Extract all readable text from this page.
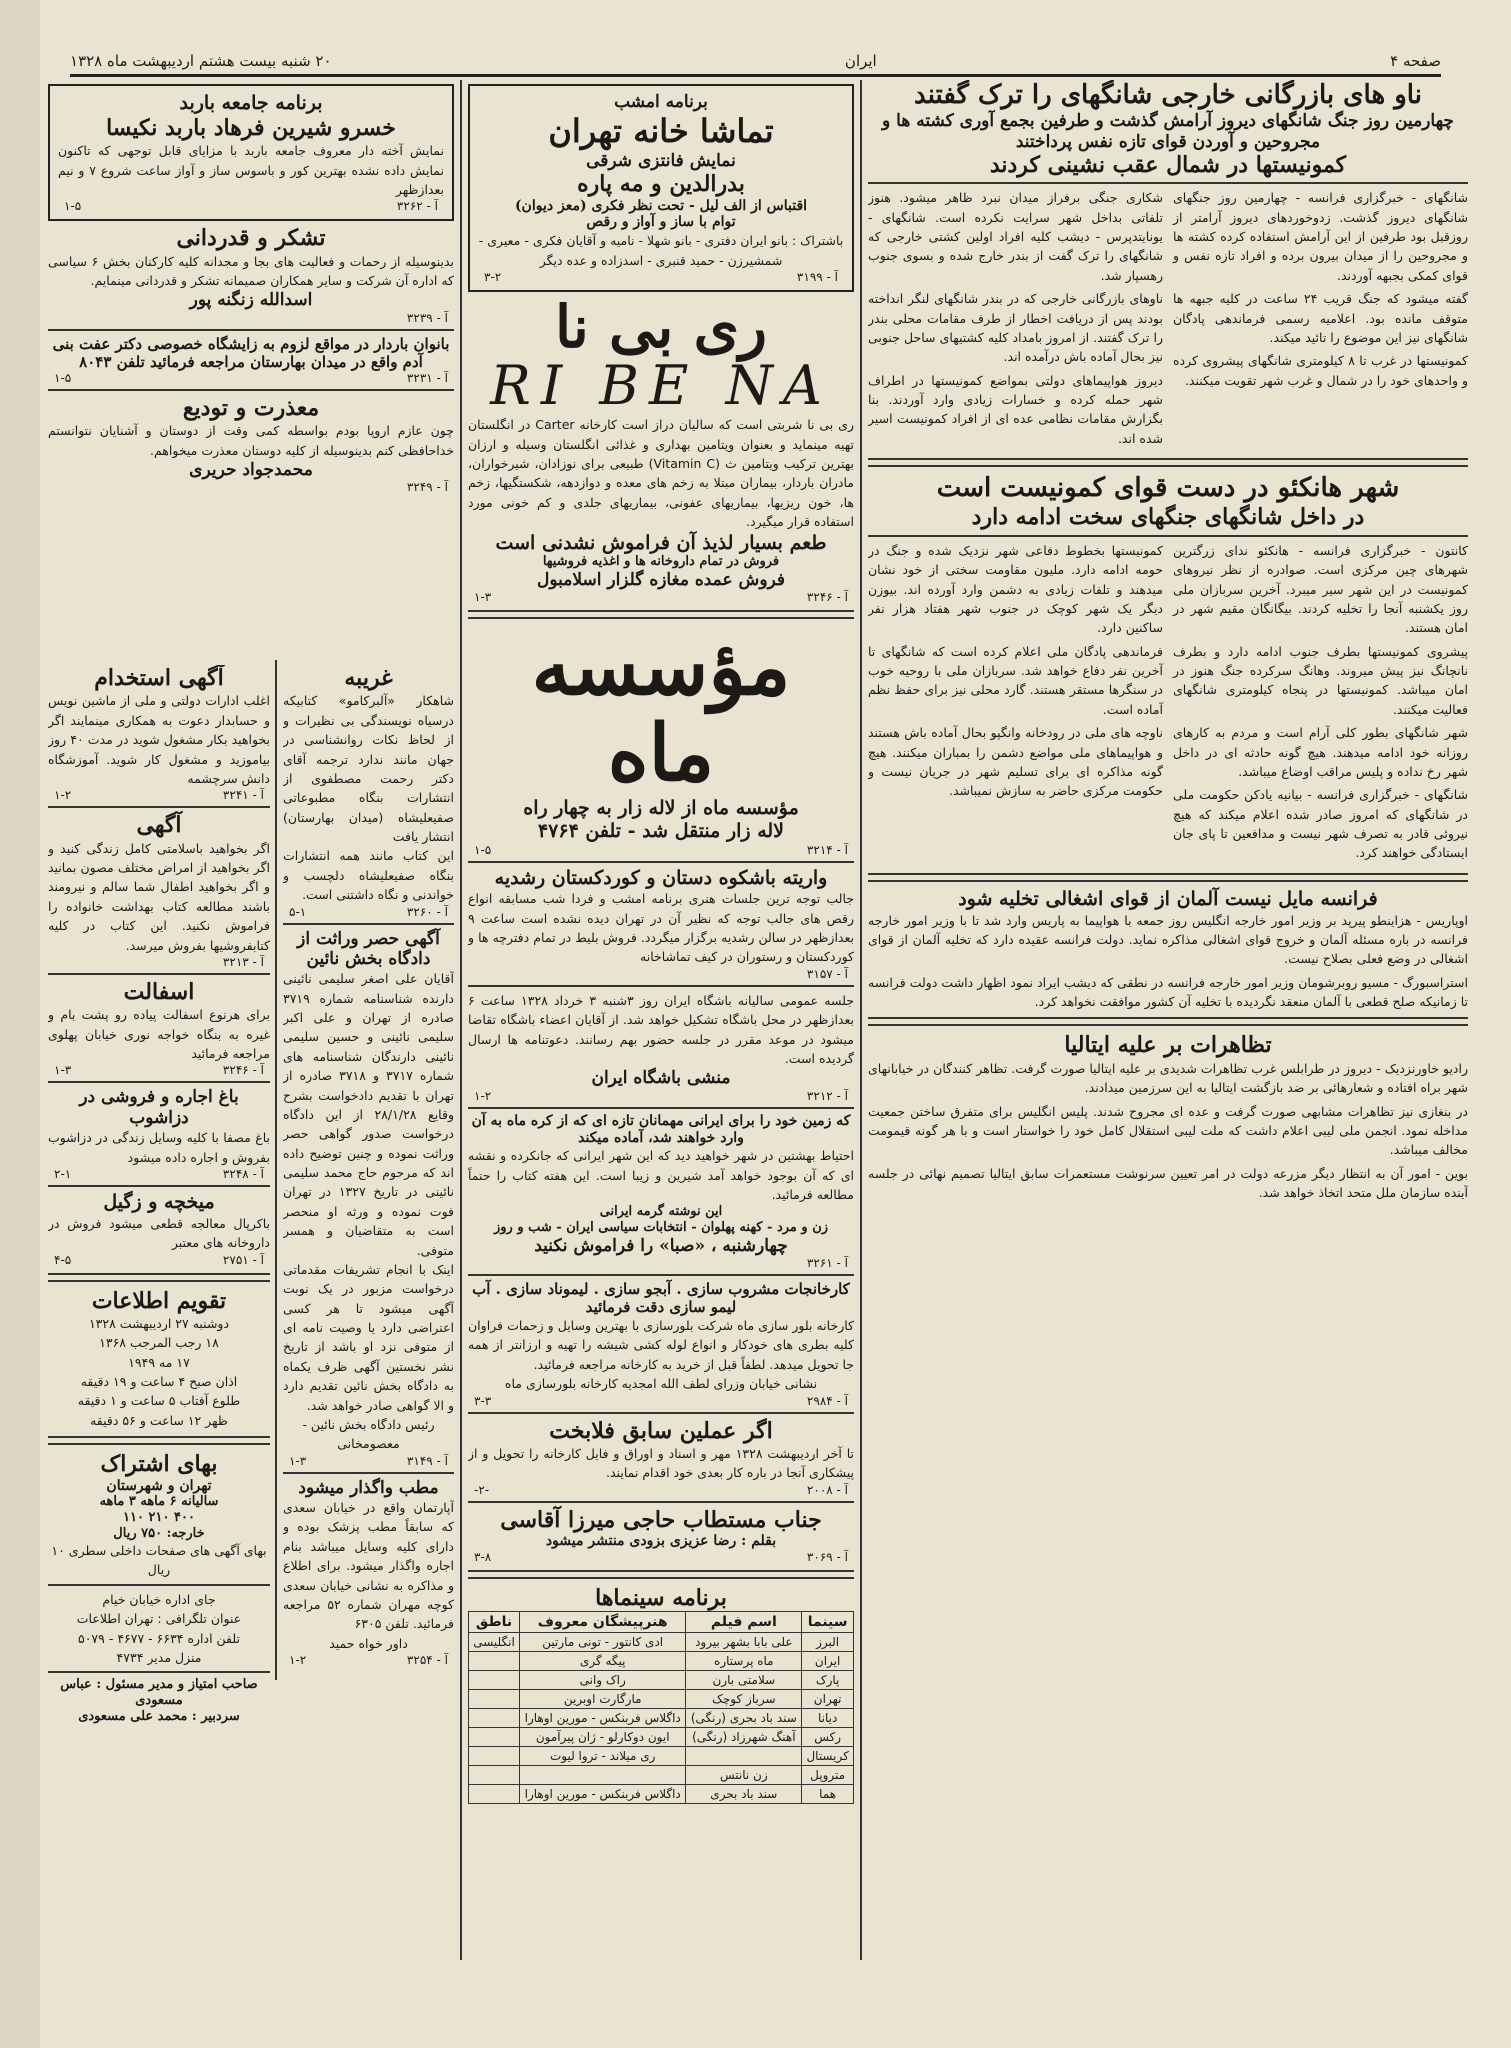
صفحه ۴
ایران
۲۰ شنبه بیست هشتم اردیبهشت ماه ۱۳۲۸
ناو های بازرگانی خارجی شانگهای را ترک گفتند
چهارمین روز جنگ شانگهای دیروز آرامش گذشت و طرفین بجمع آوری کشته ها و مجروحین و آوردن قوای تازه نفس پرداختند
کمونیستها در شمال عقب نشینی کردند

شانگهای - خبرگزاری فرانسه - چهارمین روز جنگهای شانگهای دیروز گذشت. زدوخوردهای دیروز آرامتر از روزقبل بود طرفین از این آرامش استفاده کرده کشته ها و مجروحین را از میدان بیرون برده و افراد تازه نفس و قوای کمکی بجبهه آوردند.

گفته میشود که جنگ قریب ۲۴ ساعت در کلیه جبهه ها متوقف مانده بود. اعلامیه رسمی فرماندهی پادگان شانگهای نیز این موضوع را تائید میکند.

کمونیستها در غرب تا ۸ کیلومتری شانگهای پیشروی کرده و واحدهای خود را در شمال و غرب شهر تقویت میکنند.

شکاری جنگی برفراز میدان نبرد ظاهر میشود. هنوز تلفاتی بداخل شهر سرایت نکرده است. شانگهای - یونایتدپرس - دیشب کلیه افراد اولین کشتی خارجی که شانگهای را ترک گفت از بندر خارج شده و بسوی جنوب رهسپار شد.

ناوهای بازرگانی خارجی که در بندر شانگهای لنگر انداخته بودند پس از دریافت اخطار از طرف مقامات محلی بندر را ترک گفتند. از امروز بامداد کلیه کشتیهای ساحل جنوبی نیز بحال آماده باش درآمده اند.

دیروز هواپیماهای دولتی بمواضع کمونیستها در اطراف شهر حمله کرده و خسارات زیادی وارد آوردند. بنا بگزارش مقامات نظامی عده ای از افراد کمونیست اسیر شده اند.

شهر هانکئو در دست قوای کمونیست است
در داخل شانگهای جنگهای سخت ادامه دارد

کانتون - خبرگزاری فرانسه - هانکئو ندای زرگترین شهرهای چین مرکزی است. صوادره از نظر نیروهای کمونیست در این شهر سیر میبرد. آخرین سربازان ملی روز یکشنبه آنجا را تخلیه کردند. بیگانگان مقیم شهر در امان هستند.

پیشروی کمونیستها بطرف جنوب ادامه دارد و بطرف نانچانگ نیز پیش میروند. وهانگ سرکرده جنگ هنوز در امان میباشد. کمونیستها در پنجاه کیلومتری شانگهای فعالیت میکنند.

شهر شانگهای بطور کلی آرام است و مردم به کارهای روزانه خود ادامه میدهند. هیچ گونه حادثه ای در داخل شهر رخ نداده و پلیس مراقب اوضاع میباشد.

شانگهای - خبرگزاری فرانسه - بیانیه یادکن حکومت ملی در شانگهای که امروز صادر شده اعلام میکند که هیچ نیروئی قادر به تصرف شهر نیست و مدافعین تا پای جان ایستادگی خواهند کرد.

کمونیستها بخطوط دفاعی شهر نزدیک شده و جنگ در حومه ادامه دارد. ملیون مقاومت سختی از خود نشان میدهند و تلفات زیادی به دشمن وارد آورده اند. بیوزن دیگر یک شهر کوچک در جنوب شهر هفتاد هزار نفر ساکنین دارد.

فرماندهی پادگان ملی اعلام کرده است که شانگهای تا آخرین نفر دفاع خواهد شد. سربازان ملی با روحیه خوب در سنگرها مستقر هستند. گارد محلی نیز برای حفظ نظم آماده است.

ناوچه های ملی در رودخانه وانگپو بحال آماده باش هستند و هواپیماهای ملی مواضع دشمن را بمباران میکنند. هیچ گونه مذاکره ای برای تسلیم شهر در جریان نیست و حکومت مرکزی حاضر به سازش نمیباشد.

فرانسه مایل نیست آلمان از قوای اشغالی تخلیه شود

اوپاریس - هزاینطو پیرپد بر وزیر امور خارجه انگلیس روز جمعه با هواپیما به پاریس وارد شد تا با وزیر امور خارجه فرانسه در باره مسئله آلمان و خروج قوای اشغالی مذاکره نماید. دولت فرانسه عقیده دارد که تخلیه آلمان از قوای اشغالی در وضع فعلی بصلاح نیست.

استراسبورگ - مسیو روبرشومان وزیر امور خارجه فرانسه در نطقی که دیشب ایراد نمود اظهار داشت دولت فرانسه تا زمانیکه صلح قطعی با آلمان منعقد نگردیده با تخلیه آن کشور موافقت نخواهد کرد.

تظاهرات بر علیه ایتالیا

رادیو خاورنزدیک - دیروز در طرابلس غرب تظاهرات شدیدی بر علیه ایتالیا صورت گرفت. تظاهر کنندگان در خیابانهای شهر براه افتاده و شعارهائی بر ضد بازگشت ایتالیا به این سرزمین میدادند.

در بنغازی نیز تظاهرات مشابهی صورت گرفت و عده ای مجروح شدند. پلیس انگلیس برای متفرق ساختن جمعیت مداخله نمود. انجمن ملی لیبی اعلام داشت که ملت لیبی استقلال کامل خود را خواستار است و با هر گونه قیمومت مخالف میباشد.

بوین - امور آن به انتظار دیگر مزرعه دولت در امر تعیین سرنوشت مستعمرات سابق ایتالیا تصمیم نهائی در جلسه آینده سازمان ملل متحد اتخاذ خواهد شد.

برنامه امشب
تماشا خانه تهران
نمایش فانتزی شرقی
بدرالدین و مه پاره
اقتباس از الف لیل - تحت نظر فکری (معز دیوان)
توام با ساز و آواز و رقص
باشتراک : بانو ایران دفتری - بانو شهلا - نامیه و آقایان فکری - معیری - شمشیرزن - حمید قنبری - اسدزاده و عده دیگر
آ - ۳۱۹۹
۳-۲
ری بی نا
RI BE NA
ری بی نا شربتی است که سالیان دراز است کارخانه Carter در انگلستان تهیه مینماید و بعنوان ویتامین بهداری و غذائی انگلستان وسیله و ارزان بهترین ترکیب ویتامین ث (Vitamin C) طبیعی برای نوزادان، شیرخواران، مادران باردار، بیماران مبتلا به زخم های معده و دوازدهه، شکستگیها، زخم ها، خون ریزیها، بیماریهای عفونی، بیماریهای جلدی و کم خونی مورد استفاده قرار میگیرد.
طعم بسیار لذیذ آن فراموش نشدنی است
فروش در تمام داروخانه ها و اغذیه فروشیها
فروش عمده مغازه گلزار اسلامبول
آ - ۳۲۴۶
۱-۳
مؤسسه ماه
مؤسسه ماه از لاله زار به چهار راه
لاله زار منتقل شد - تلفن ۴۷۶۴
آ - ۳۲۱۴
۱-۵
واریته باشکوه دستان و کوردکستان رشدیه
جالب توجه ترین جلسات هنری برنامه امشب و فردا شب مسابقه انواع رقص های جالب توجه که نظیر آن در تهران دیده نشده است ساعت ۹ بعدازظهر در سالن رشدیه برگزار میگردد. فروش بلیط در تمام دفترچه ها و کوردکستان و رستوران در کیف تماشاخانه
آ - ۳۱۵۷
جلسه عمومی سالیانه باشگاه ایران روز ۳شنبه ۳ خرداد ۱۳۲۸ ساعت ۶ بعدازظهر در محل باشگاه تشکیل خواهد شد. از آقایان اعضاء باشگاه تقاضا میشود در موعد مقرر در جلسه حضور بهم رسانند. دعوتنامه ها ارسال گردیده است.
منشی باشگاه ایران
آ - ۳۲۱۲
۱-۲
که زمین خود را برای ایرانی مهمانان تازه ای که از کره ماه به آن وارد خواهند شد، آماده میکند
احتیاط بهشتین در شهر خواهید دید که این شهر ایرانی که جانکرده و نقشه ای که آن بوجود خواهد آمد شیرین و زیبا است. این هفته کتاب را حتماً مطالعه فرمائید.
این نوشته گرمه ایرانی
زن و مرد - کهنه پهلوان - انتخابات سیاسی ایران - شب و روز
چهارشنبه ، «صبا» را فراموش نکنید
آ - ۳۲۶۱
کارخانجات مشروب سازی . آبجو سازی . لیموناد سازی . آب لیمو سازی دقت فرمائید
کارخانه بلور سازی ماه شرکت بلورسازی با بهترین وسایل و زحمات فراوان کلیه بطری های خودکار و انواع لوله کشی شیشه را تهیه و ارزانتر از همه جا تحویل میدهد. لطفاً قبل از خرید به کارخانه مراجعه فرمائید.
نشانی خیابان وزرای لطف الله امجدیه کارخانه بلورسازی ماه
آ - ۲۹۸۴
۳-۳
اگر عملین سابق فلابخت
تا آخر اردیبهشت ۱۳۲۸ مهر و اسناد و اوراق و فایل کارخانه را تحویل و از پیشکاری آنجا در باره کار بعدی خود اقدام نمایند.
آ - ۲۰۰۸
-۲-
جناب مستطاب حاجی میرزا آقاسی
بقلم : رضا عزیزی بزودی منتشر میشود
آ - ۳۰۶۹
۳-۸
برنامه سینماها
سینما	اسم فیلم	هنرپیشگان معروف	ناطق
البرز	علی بابا بشهر بیرود	ادی کانتور - تونی مارتین	انگلیسی
ایران	ماه پرستاره	پیگه گری	
پارک	سلامتی بارن	راک وانی	
تهران	سرباز کوچک	مارگارت اوبرین	
دیانا	سند باد بحری (رنگی)	داگلاس فربنکس - مورین اوهارا	
رکس	آهنگ شهرزاد (رنگی)	ایون دوکارلو - ژان پیرآمون	
کریستال		ری میلاند - تروا لیوت	
متروپل	زن نانتس		
هما	سند باد بحری	داگلاس فربنکس - مورین اوهارا	
برنامه جامعه باربد
خسرو شیرین فرهاد باربد نکیسا
نمایش آخته دار معروف جامعه باربد با مزایای قابل توجهی که تاکنون نمایش داده نشده بهترین کور و باسوس ساز و آواز ساعت شروع ۷ و نیم بعدازظهر
آ - ۳۲۶۲
۱-۵
تشکر و قدردانی
بدینوسیله از رحمات و فعالیت های بجا و مجدانه کلیه کارکنان بخش ۶ سیاسی که اداره آن شرکت و سایر همکاران صمیمانه تشکر و قدردانی مینمایم.
اسدالله زنگنه پور
آ - ۳۲۳۹
بانوان باردار در مواقع لزوم به زایشگاه خصوصی دکتر عفت بنی آدم واقع در میدان بهارستان مراجعه فرمائید تلفن ۸۰۴۳
آ - ۳۲۳۱
۱-۵
معذرت و تودیع
چون عازم اروپا بودم بواسطه کمی وقت از دوستان و آشنایان نتوانستم خداحافظی کنم بدینوسیله از کلیه دوستان معذرت میخواهم.
محمدجواد حریری
آ - ۳۲۴۹
غریبه
شاهکار «آلبرکامو» کتابیکه درسیاه نویسندگی بی نظیرات و از لحاظ نکات روانشناسی در جهان مانند ندارد ترجمه آقای دکتر رحمت مصطفوی از انتشارات بنگاه مطبوعاتی صفیعلیشاه (میدان بهارستان) انتشار یافت
این کتاب مانند همه انتشارات بنگاه صفیعلیشاه دلچسب و خواندنی و نگاه داشتنی است.
آ - ۳۲۶۰
۵-۱
آگهی حصر وراثت از دادگاه بخش نائین
آقایان علی اصغر سلیمی نائینی دارنده شناسنامه شماره ۳۷۱۹ صادره از تهران و علی اکبر سلیمی نائینی و حسین سلیمی نائینی دارندگان شناسنامه های شماره ۳۷۱۷ و ۳۷۱۸ صادره از تهران با تقدیم دادخواست بشرح وقایع ۲۸/۱/۲۸ از این دادگاه درخواست صدور گواهی حصر وراثت نموده و چنین توضیح داده اند که مرحوم حاج محمد سلیمی نائینی در تاریخ ۱۳۲۷ در تهران فوت نموده و ورثه او منحصر است به متقاضیان و همسر متوفی.
اینک با انجام تشریفات مقدماتی درخواست مزبور در یک نوبت آگهی میشود تا هر کسی اعتراضی دارد یا وصیت نامه ای از متوفی نزد او باشد از تاریخ نشر نخستین آگهی ظرف یکماه به دادگاه بخش نائین تقدیم دارد و الا گواهی صادر خواهد شد.
رئیس دادگاه بخش نائین - معصومخانی
آ - ۳۱۴۹
۱-۳
مطب واگذار میشود
آپارتمان واقع در خیابان سعدی که سابقاً مطب پزشک بوده و دارای کلیه وسایل میباشد بنام اجاره واگذار میشود. برای اطلاع و مذاکره به نشانی خیابان سعدی کوچه مهران شماره ۵۲ مراجعه فرمائید. تلفن ۶۳۰۵
داور خواه حمید
آ - ۳۲۵۴
۱-۲
آگهی استخدام
اغلب ادارات دولتی و ملی از ماشین نویس و حسابدار دعوت به همکاری مینمایند اگر بخواهید بکار مشغول شوید در مدت ۴۰ روز بیاموزید و مشغول کار شوید. آموزشگاه دانش سرچشمه
آ - ۳۲۴۱
۱-۲
آگهی
اگر بخواهید باسلامتی کامل زندگی کنید و اگر بخواهید از امراض مختلف مصون بمانید و اگر بخواهید اطفال شما سالم و نیرومند باشند مطالعه کتاب بهداشت خانواده را فراموش نکنید. این کتاب در کلیه کتابفروشیها بفروش میرسد.
آ - ۳۲۱۳
اسفالت
برای هرنوع اسفالت پیاده رو پشت بام و غیره به بنگاه خواجه نوری خیابان پهلوی مراجعه فرمائید
آ - ۳۲۴۶
۱-۳
باغ اجاره و فروشی در دزاشوب
باغ مصفا با کلیه وسایل زندگی در دزاشوب بفروش و اجاره داده میشود
آ - ۳۲۴۸
۲-۱
میخچه و زگیل
باکرپال معالجه قطعی میشود فروش در داروخانه های معتبر
آ - ۲۷۵۱
۴-۵
تقویم اطلاعات
دوشنبه ۲۷ اردیبهشت ۱۳۲۸
۱۸ رجب المرجب ۱۳۶۸
۱۷ مه ۱۹۴۹
اذان صبح ۴ ساعت و ۱۹ دقیقه
طلوع آفتاب ۵ ساعت و ۱ دقیقه
ظهر ۱۲ ساعت و ۵۶ دقیقه
بهای اشتراک
تهران و شهرستان
سالیانه ۶ ماهه ۳ ماهه
۴۰۰ ۲۱۰ ۱۱۰
خارجه: ۷۵۰ ریال
بهای آگهی های صفحات داخلی سطری ۱۰ ریال
جای اداره خیابان خیام
عنوان تلگرافی : تهران اطلاعات
تلفن اداره ۶۶۳۴ - ۴۶۷۷ - ۵۰۷۹
منزل مدیر ۴۷۳۴
صاحب امتیاز و مدیر مسئول : عباس مسعودی
سردبیر : محمد علی مسعودی
